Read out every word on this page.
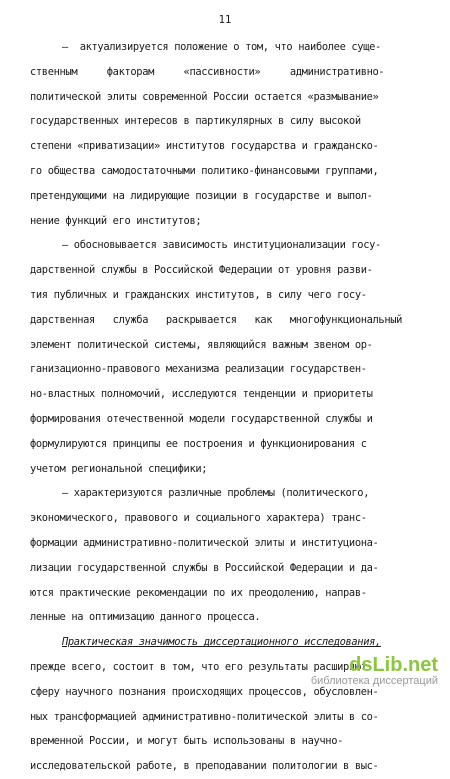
11
–  актуализируется положение о том, что наиболее суще-
ственным     факторам     «пассивности»     административно-
политической элиты современной России остается «размывание»
государственных интересов в партикулярных в силу высокой
степени «приватизации» институтов государства и гражданско-
го общества самодостаточными политико-финансовыми группами,
претендующими на лидирующие позиции в государстве и выпол-
нение функций его институтов;
– обосновывается зависимость институционализации госу-
дарственной службы в Российской Федерации от уровня разви-
тия публичных и гражданских институтов, в силу чего госу-
дарственная   служба   раскрывается   как   многофункциональный
элемент политической системы, являющийся важным звеном ор-
ганизационно-правового механизма реализации государствен-
но-властных полномочий, исследуются тенденции и приоритеты
формирования отечественной модели государственной службы и
формулируются принципы ее построения и функционирования с
учетом региональной специфики;
– характеризуются различные проблемы (политического,
экономического, правового и социального характера) транс-
формации административно-политической элиты и институциона-
лизации государственной службы в Российской Федерации и да-
ются практические рекомендации по их преодолению, направ-
ленные на оптимизацию данного процесса.
Практическая значимость диссертационного исследования,
прежде всего, состоит в том, что его результаты расширяют
сферу научного познания происходящих процессов, обусловлен-
ных трансформацией административно-политической элиты в со-
временной России, и могут быть использованы в научно-
исследовательской работе, в преподавании политологии в выс-
dsLib.net
библиотека диссертаций
